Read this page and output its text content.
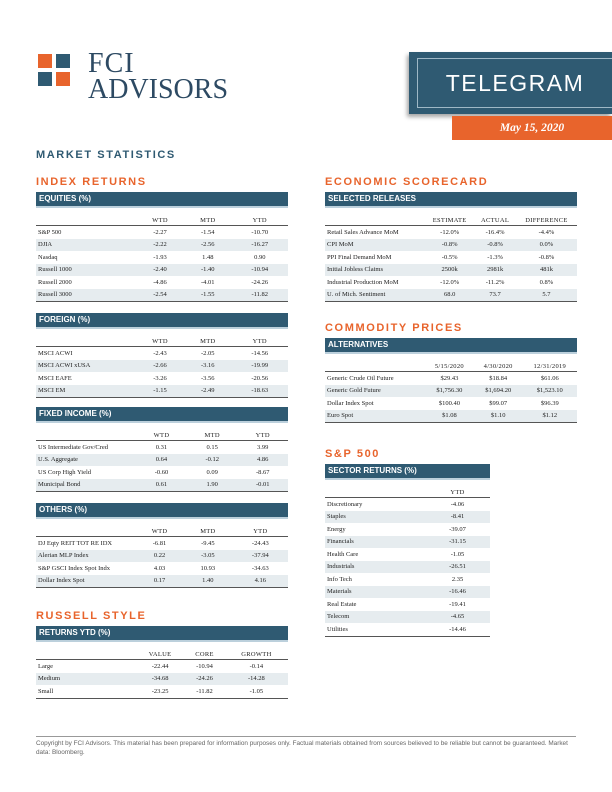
FCI
ADVISORS	TELEGRAM
May 15, 2020
MARKET STATISTICS
INDEX RETURNS
EQUITIES (%)
	WTD	MTD	YTD
S&P 500	-2.27	-1.54	-10.70
DJIA	-2.22	-2.56	-16.27
Nasdaq	-1.93	1.48	0.90
Russell 1000	-2.40	-1.40	-10.94
Russell 2000	-4.86	-4.01	-24.26
Russell 3000	-2.54	-1.55	-11.82
FOREIGN (%)
	WTD	MTD	YTD
MSCI ACWI	-2.43	-2.05	-14.56
MSCI ACWI xUSA	-2.66	-3.16	-19.99
MSCI EAFE	-3.26	-3.56	-20.56
MSCI EM	-1.15	-2.49	-18.63
FIXED INCOME (%)
	WTD	MTD	YTD
US Intermediate Gov/Cred	0.31	0.15	3.99
U.S. Aggregate	0.64	-0.12	4.86
US Corp High Yield	-0.60	0.09	-8.67
Municipal Bond	0.61	1.90	-0.01
OTHERS (%)
	WTD	MTD	YTD
DJ Eqty REIT TOT RE IDX	-6.81	-9.45	-24.43
Alerian MLP Index	0.22	-3.05	-37.94
S&P GSCI Index Spot Indx	4.03	10.93	-34.63
Dollar Index Spot	0.17	1.40	4.16
RUSSELL STYLE
RETURNS YTD (%)
	VALUE	CORE	GROWTH
Large	-22.44	-10.94	-0.14
Medium	-34.68	-24.26	-14.28
Small	-23.25	-11.82	-1.05
ECONOMIC SCORECARD
SELECTED RELEASES
	ESTIMATE	ACTUAL	DIFFERENCE
Retail Sales Advance MoM	-12.0%	-16.4%	-4.4%
CPI MoM	-0.8%	-0.8%	0.0%
PPI Final Demand MoM	-0.5%	-1.3%	-0.8%
Initial Jobless Claims	2500k	2981k	481k
Industrial Production MoM	-12.0%	-11.2%	0.8%
U. of Mich. Sentiment	68.0	73.7	5.7
COMMODITY PRICES
ALTERNATIVES
	5/15/2020	4/30/2020	12/31/2019
Generic Crude Oil Future	$29.43	$18.84	$61.06
Generic Gold Future	$1,756.30	$1,694.20	$1,523.10
Dollar Index Spot	$100.40	$99.07	$96.39
Euro Spot	$1.08	$1.10	$1.12
S&P 500
SECTOR RETURNS (%)
	YTD
Discretionary	-4.06
Staples	-8.41
Energy	-39.07
Financials	-31.15
Health Care	-1.05
Industrials	-26.51
Info Tech	2.35
Materials	-16.46
Real Estate	-19.41
Telecom	-4.65
Utilities	-14.46
Copyright by FCI Advisors. This material has been prepared for information purposes only. Factual materials obtained from sources believed to be reliable but cannot be guaranteed. Market data: Bloomberg.
